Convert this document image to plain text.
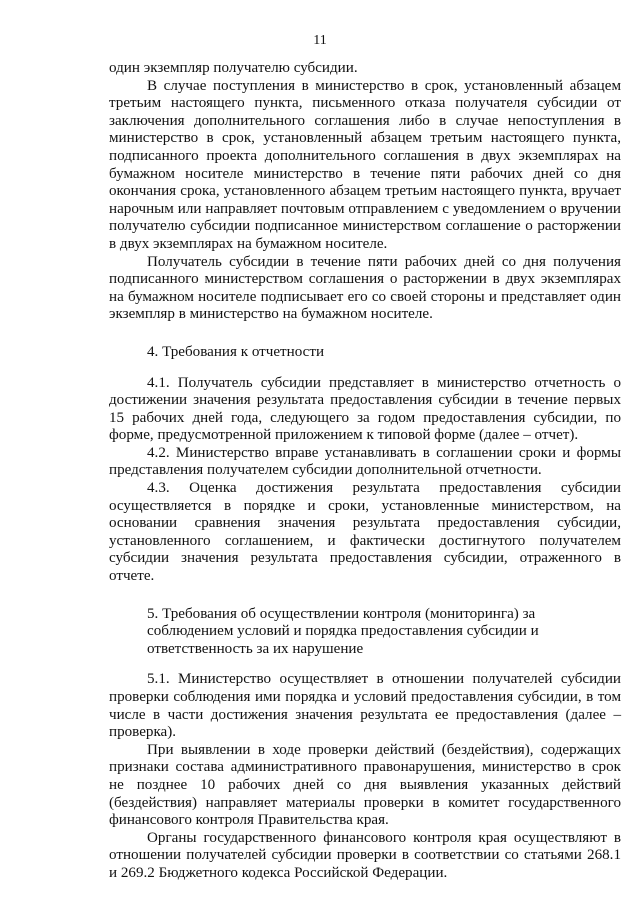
11

один экземпляр получателю субсидии.

В случае поступления в министерство в срок, установленный абзацем третьим настоящего пункта, письменного отказа получателя субсидии от заключения дополнительного соглашения либо в случае непоступления в министерство в срок, установленный абзацем третьим настоящего пункта, подписанного проекта дополнительного соглашения в двух экземплярах на бумажном носителе министерство в течение пяти рабочих дней со дня окончания срока, установленного абзацем третьим настоящего пункта, вручает нарочным или направляет почтовым отправлением с уведомлением о вручении получателю субсидии подписанное министерством соглашение о расторжении в двух экземплярах на бумажном носителе.

Получатель субсидии в течение пяти рабочих дней со дня получения подписанного министерством соглашения о расторжении в двух экземплярах на бумажном носителе подписывает его со своей стороны и представляет один экземпляр в министерство на бумажном носителе.

4. Требования к отчетности

4.1. Получатель субсидии представляет в министерство отчетность о достижении значения результата предоставления субсидии в течение первых 15 рабочих дней года, следующего за годом предоставления субсидии, по форме, предусмотренной приложением к типовой форме (далее – отчет).

4.2. Министерство вправе устанавливать в соглашении сроки и формы представления получателем субсидии дополнительной отчетности.

4.3. Оценка достижения результата предоставления субсидии осуществляется в порядке и сроки, установленные министерством, на основании сравнения значения результата предоставления субсидии, установленного соглашением, и фактически достигнутого получателем субсидии значения результата предоставления субсидии, отраженного в отчете.

5. Требования об осуществлении контроля (мониторинга) за соблюдением условий и порядка предоставления субсидии и ответственность за их нарушение

5.1. Министерство осуществляет в отношении получателей субсидии проверки соблюдения ими порядка и условий предоставления субсидии, в том числе в части достижения значения результата ее предоставления (далее – проверка).

При выявлении в ходе проверки действий (бездействия), содержащих признаки состава административного правонарушения, министерство в срок не позднее 10 рабочих дней со дня выявления указанных действий (бездействия) направляет материалы проверки в комитет государственного финансового контроля Правительства края.

Органы государственного финансового контроля края осуществляют в отношении получателей субсидии проверки в соответствии со статьями 268.1 и 269.2 Бюджетного кодекса Российской Федерации.
